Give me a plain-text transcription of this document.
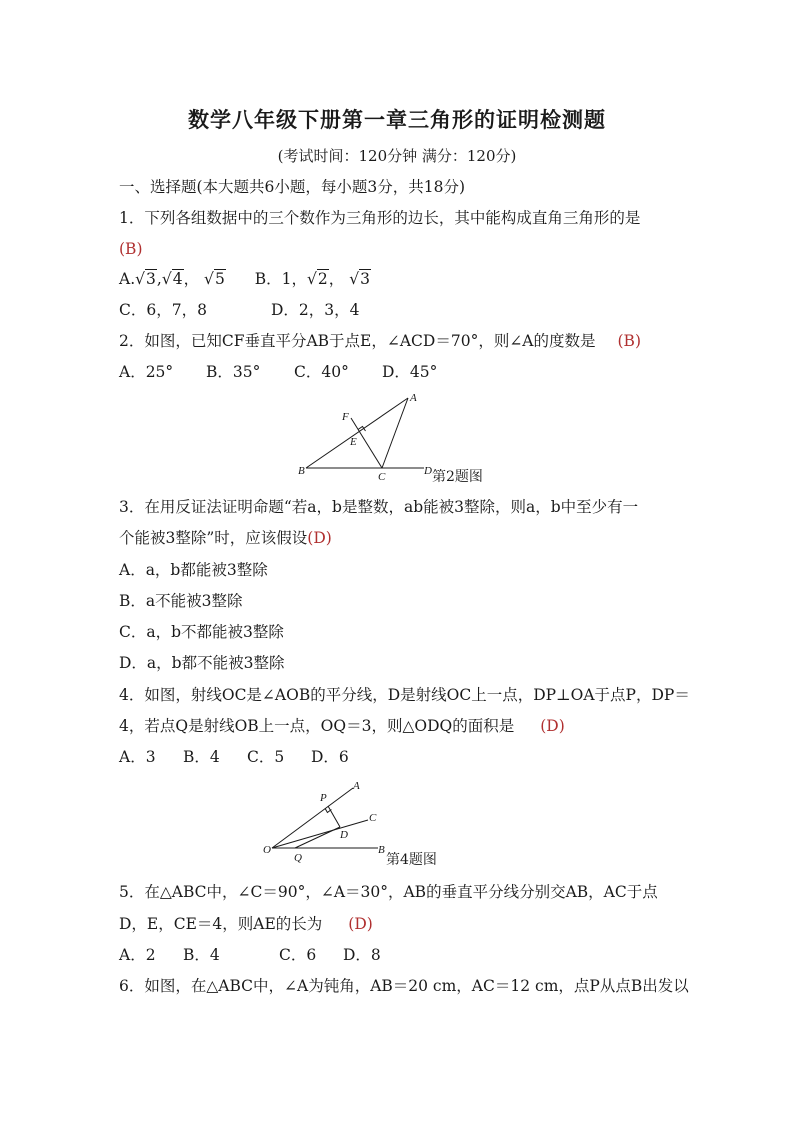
数学八年级下册第一章三角形的证明检测题
(考试时间：120分钟 满分：120分)
一、选择题(本大题共6小题，每小题3分，共18分)
1．下列各组数据中的三个数作为三角形的边长，其中能构成直角三角形的是
(B)
A.√3,√4， √5 B．1，√2， √3
C．6，7，8	D．2，3，4
2．如图，已知CF垂直平分AB于点E，∠ACD＝70°，则∠A的度数是 (B)
A．25° B．35° C．40° D．45°
A
B	C	D
E
F
第2题图
3．在用反证法证明命题“若a，b是整数，ab能被3整除，则a，b中至少有一
个能被3整除”时，应该假设(D)
A．a，b都能被3整除
B．a不能被3整除
C．a，b不都能被3整除
D．a，b都不能被3整除
4．如图，射线OC是∠AOB的平分线，D是射线OC上一点，DP⊥OA于点P，DP＝
4，若点Q是射线OB上一点，OQ＝3，则△ODQ的面积是 (D)
A．3 B．4 C．5 D．6
A
B
C
D
O
P
Q	第4题图
5．在△ABC中，∠C＝90°，∠A＝30°，AB的垂直平分线分别交AB，AC于点
D，E，CE＝4，则AE的长为 (D)
A．2 B．4	C．6 D．8
6．如图，在△ABC中，∠A为钝角，AB＝20 cm，AC＝12 cm，点P从点B出发以
